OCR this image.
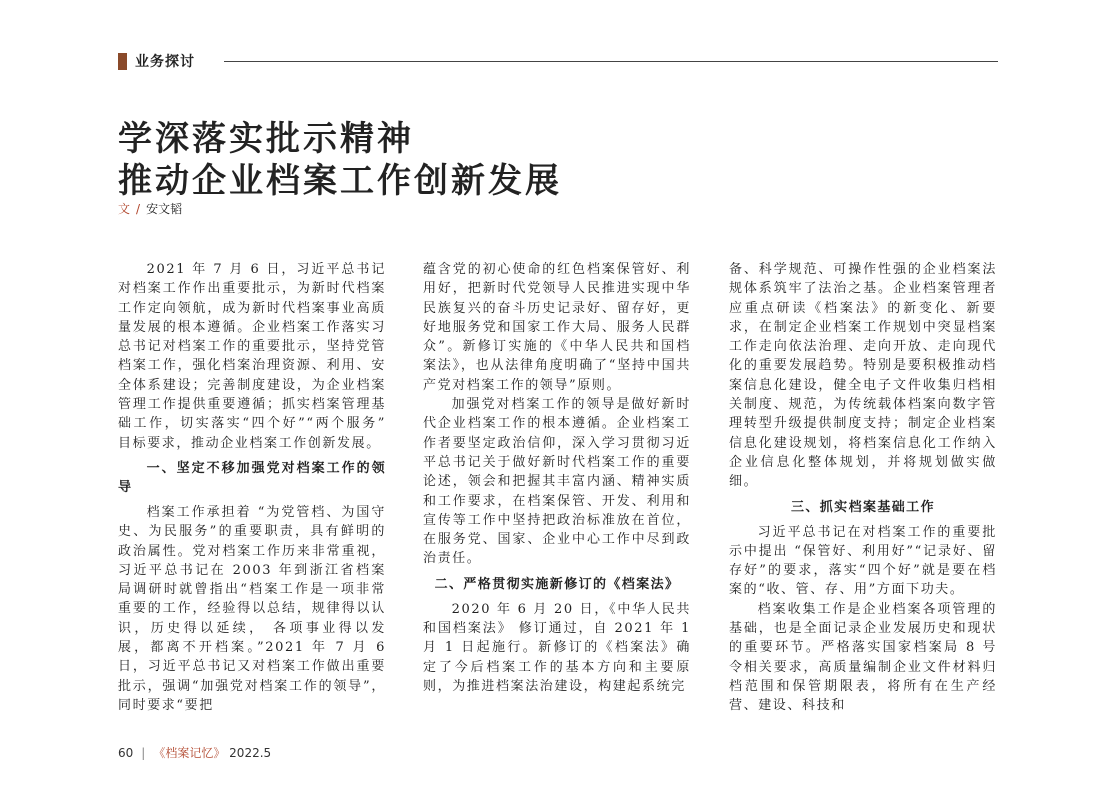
业务探讨
学深落实批示精神
推动企业档案工作创新发展
文 / 安文韬

2021 年 7 月 6 日，习近平总书记对档案工作作出重要批示，为新时代档案工作定向领航，成为新时代档案事业高质量发展的根本遵循。企业档案工作落实习总书记对档案工作的重要批示，坚持党管档案工作，强化档案治理资源、利用、安全体系建设；完善制度建设，为企业档案管理工作提供重要遵循；抓实档案管理基础工作，切实落实“四个好”“两个服务” 目标要求，推动企业档案工作创新发展。

一、坚定不移加强党对档案工作的领导

档案工作承担着 “为党管档、为国守史、为民服务”的重要职责，具有鲜明的政治属性。党对档案工作历来非常重视，习近平总书记在 2003 年到浙江省档案局调研时就曾指出“档案工作是一项非常重要的工作，经验得以总结，规律得以认识，历史得以延续， 各项事业得以发展，都离不开档案。”2021 年 7 月 6 日，习近平总书记又对档案工作做出重要批示，强调“加强党对档案工作的领导”，同时要求“要把

蕴含党的初心使命的红色档案保管好、利用好，把新时代党领导人民推进实现中华民族复兴的奋斗历史记录好、留存好，更好地服务党和国家工作大局、服务人民群众”。新修订实施的《中华人民共和国档案法》，也从法律角度明确了“坚持中国共产党对档案工作的领导”原则。

加强党对档案工作的领导是做好新时代企业档案工作的根本遵循。企业档案工作者要坚定政治信仰，深入学习贯彻习近平总书记关于做好新时代档案工作的重要论述，领会和把握其丰富内涵、精神实质和工作要求，在档案保管、开发、利用和宣传等工作中坚持把政治标准放在首位，在服务党、国家、企业中心工作中尽到政治责任。

二、严格贯彻实施新修订的《档案法》

2020 年 6 月 20 日，《中华人民共和国档案法》 修订通过，自 2021 年 1 月 1 日起施行。新修订的《档案法》确定了今后档案工作的基本方向和主要原则，为推进档案法治建设，构建起系统完

备、科学规范、可操作性强的企业档案法规体系筑牢了法治之基。企业档案管理者应重点研读《档案法》的新变化、新要求，在制定企业档案工作规划中突显档案工作走向依法治理、走向开放、走向现代化的重要发展趋势。特别是要积极推动档案信息化建设，健全电子文件收集归档相关制度、规范，为传统载体档案向数字管理转型升级提供制度支持；制定企业档案信息化建设规划，将档案信息化工作纳入企业信息化整体规划，并将规划做实做细。

三、抓实档案基础工作

习近平总书记在对档案工作的重要批示中提出 “保管好、利用好”“记录好、留存好”的要求，落实“四个好”就是要在档案的“收、管、存、用”方面下功夫。

档案收集工作是企业档案各项管理的基础，也是全面记录企业发展历史和现状的重要环节。严格落实国家档案局 8 号令相关要求，高质量编制企业文件材料归档范围和保管期限表，将所有在生产经营、建设、科技和

60 | 《档案记忆》 2022.5
